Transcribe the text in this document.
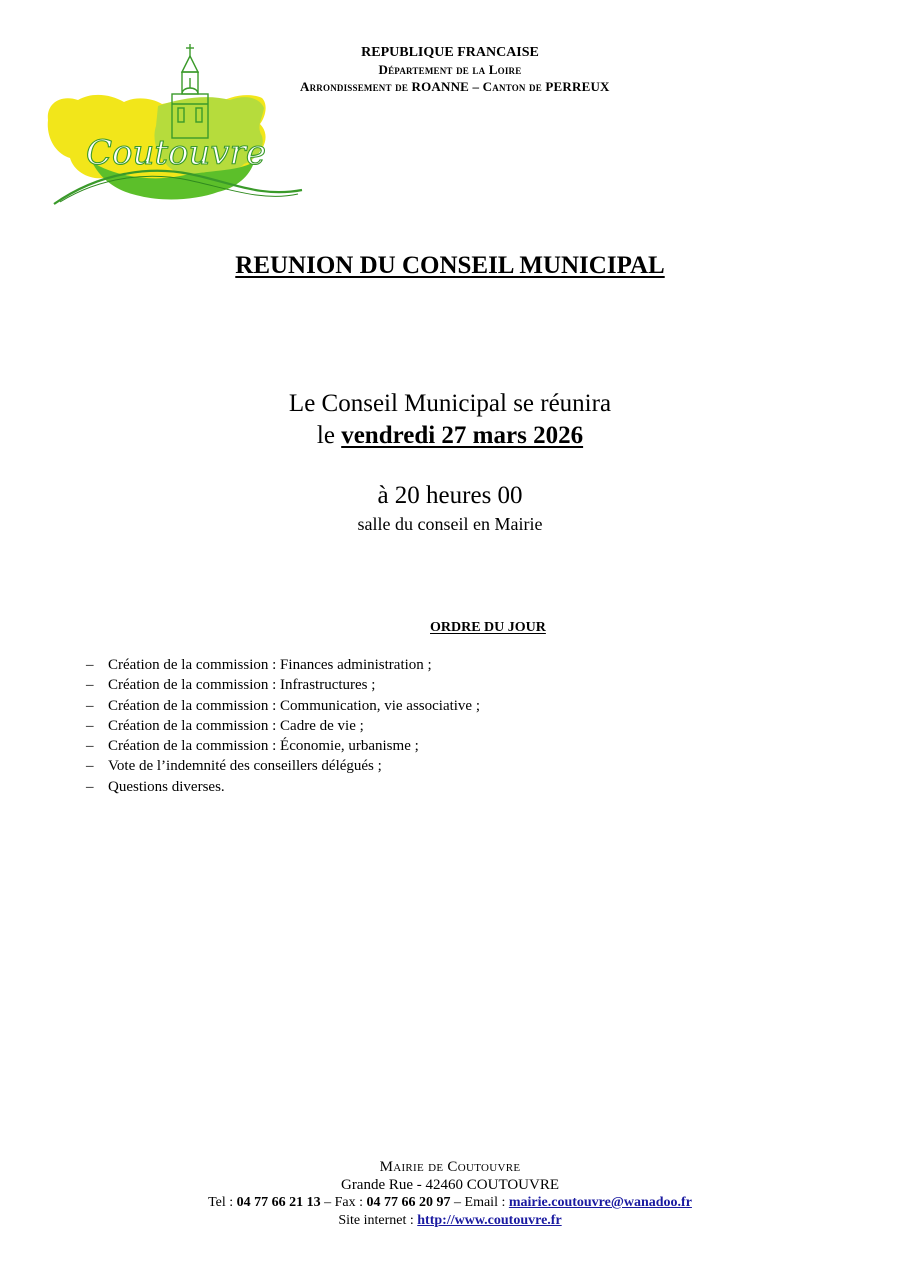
Coutouvre
REPUBLIQUE FRANCAISE
Département de la Loire
Arrondissement de ROANNE – Canton de PERREUX
REUNION DU CONSEIL MUNICIPAL
Le Conseil Municipal se réunira
le vendredi 27 mars 2026
à 20 heures 00
salle du conseil en Mairie
ORDRE DU JOUR
– Création de la commission : Finances administration ;
– Création de la commission : Infrastructures ;
– Création de la commission : Communication, vie associative ;
– Création de la commission : Cadre de vie ;
– Création de la commission : Économie, urbanisme ;
– Vote de l’indemnité des conseillers délégués ;
– Questions diverses.
Mairie de Coutouvre
Grande Rue - 42460 COUTOUVRE
Tel : 04 77 66 21 13 – Fax : 04 77 66 20 97 – Email : mairie.coutouvre@wanadoo.fr
Site internet : http://www.coutouvre.fr
